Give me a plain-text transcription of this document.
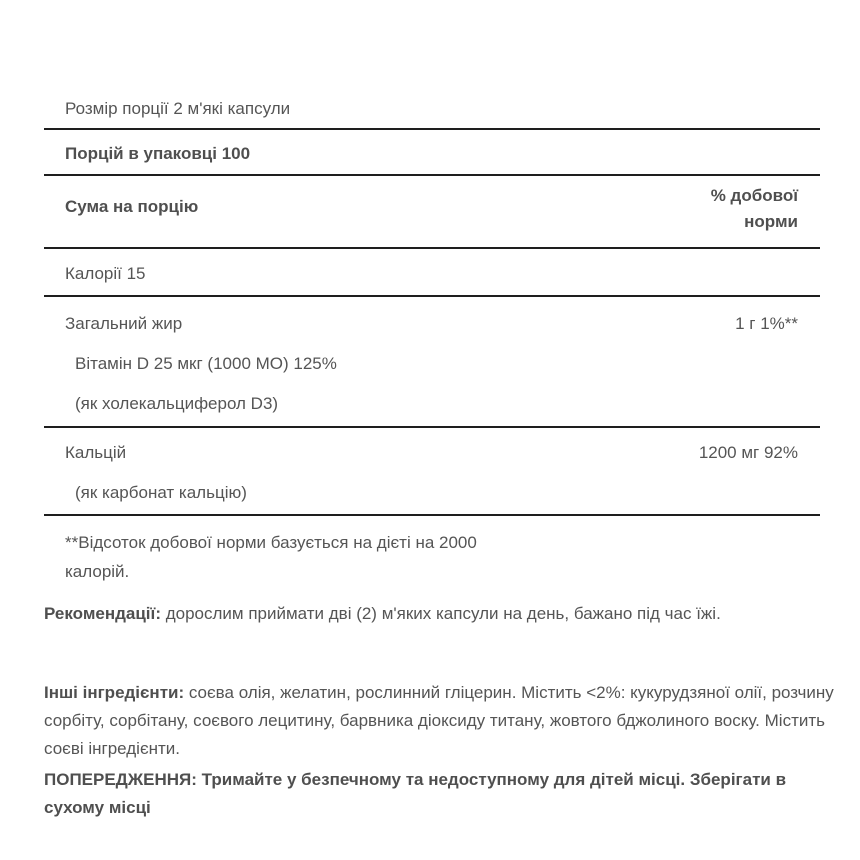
Розмір порції 2 м'які капсули
Порцій в упаковці 100
Сума на порцію
% добової
норми
Калорії 15
Загальний жир	1 г 1%**
Вітамін D 25 мкг (1000 МО) 125%
(як холекальциферол D3)
Кальцій	1200 мг 92%
(як карбонат кальцію)
**Відсоток добової норми базується на дієті на 2000
калорій.
Рекомендації: дорослим приймати дві (2) м'яких капсули на день, бажано під час їжі.
Інші інгредієнти: соєва олія, желатин, рослинний гліцерин. Містить <2%: кукурудзяної олії, розчину сорбіту, сорбітану, соєвого лецитину, барвника діоксиду титану, жовтого бджолиного воску. Містить соєві інгредієнти.
ПОПЕРЕДЖЕННЯ: Тримайте у безпечному та недоступному для дітей місці. Зберігати в сухому місці
